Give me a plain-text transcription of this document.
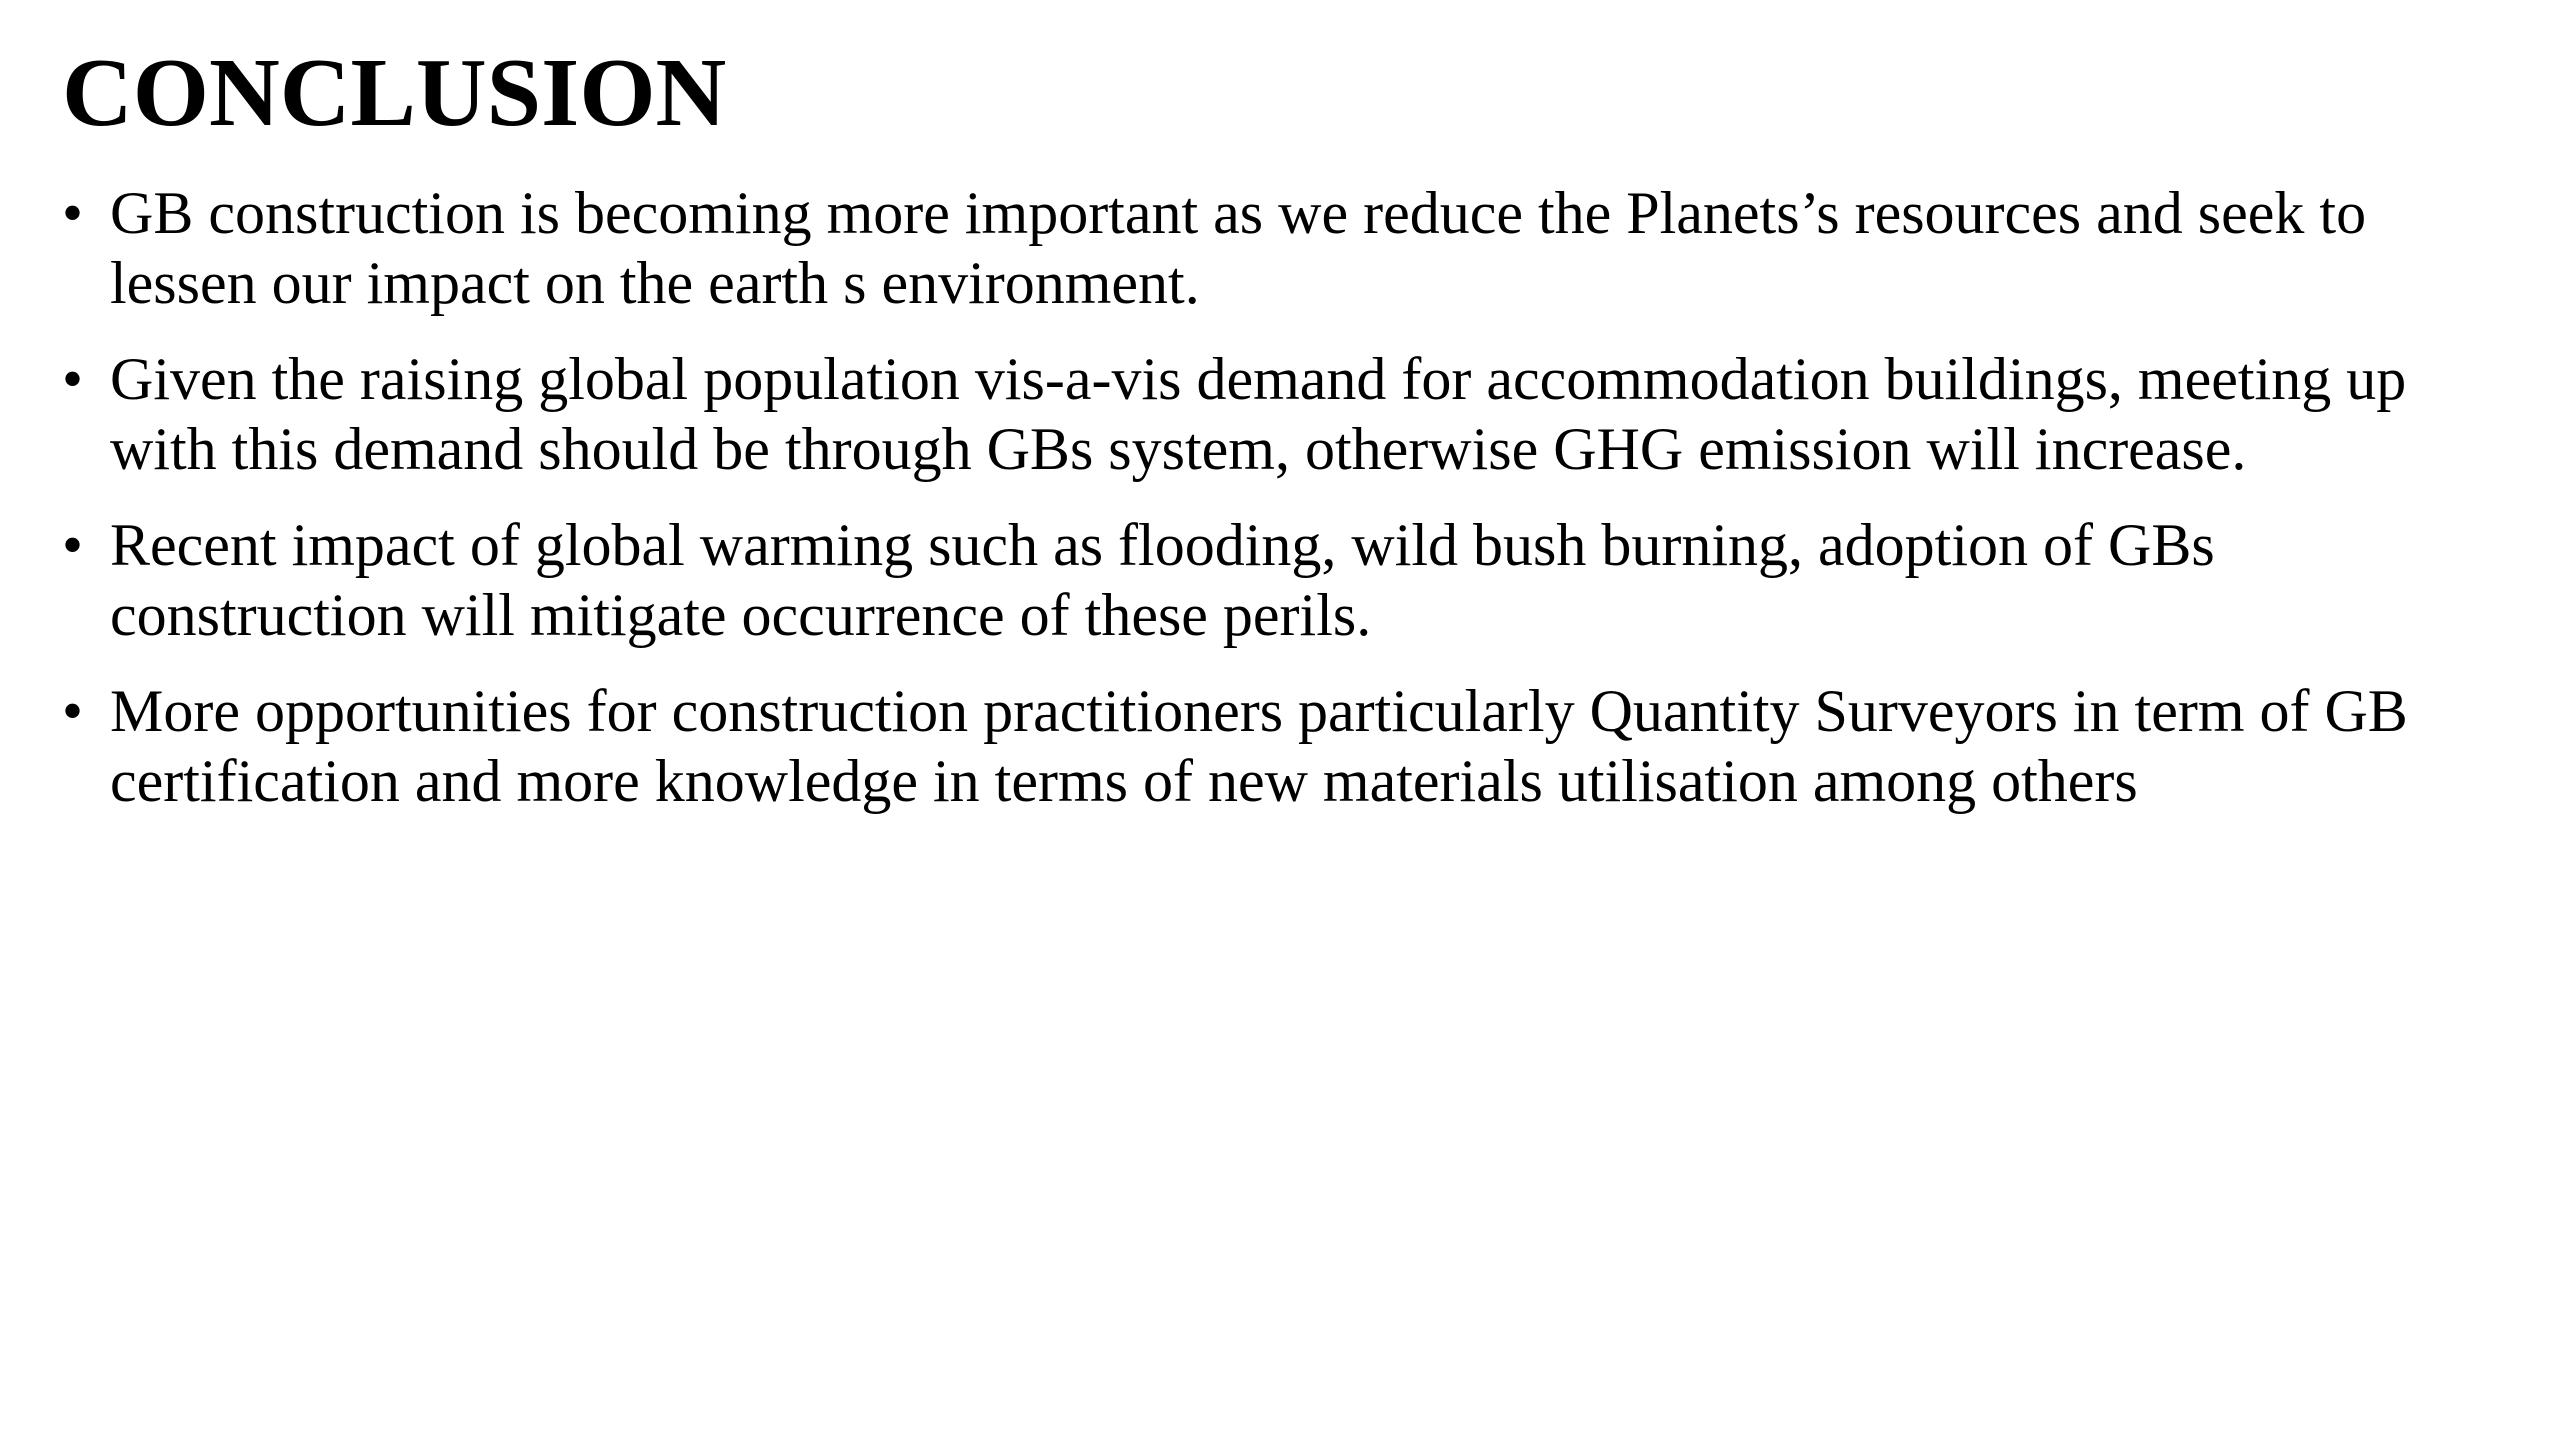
CONCLUSION
• GB construction is becoming more important as we reduce the Planets’s resources and seek to lessen our impact on the earth s environment.
• Given the raising global population vis-a-vis demand for accommodation buildings, meeting up with this demand should be through GBs system, otherwise GHG emission will increase.
• Recent impact of global warming such as flooding, wild bush burning, adoption of GBs construction will mitigate occurrence of these perils.
• More opportunities for construction practitioners particularly Quantity Surveyors in term of GB certification and more knowledge in terms of new materials utilisation among others
